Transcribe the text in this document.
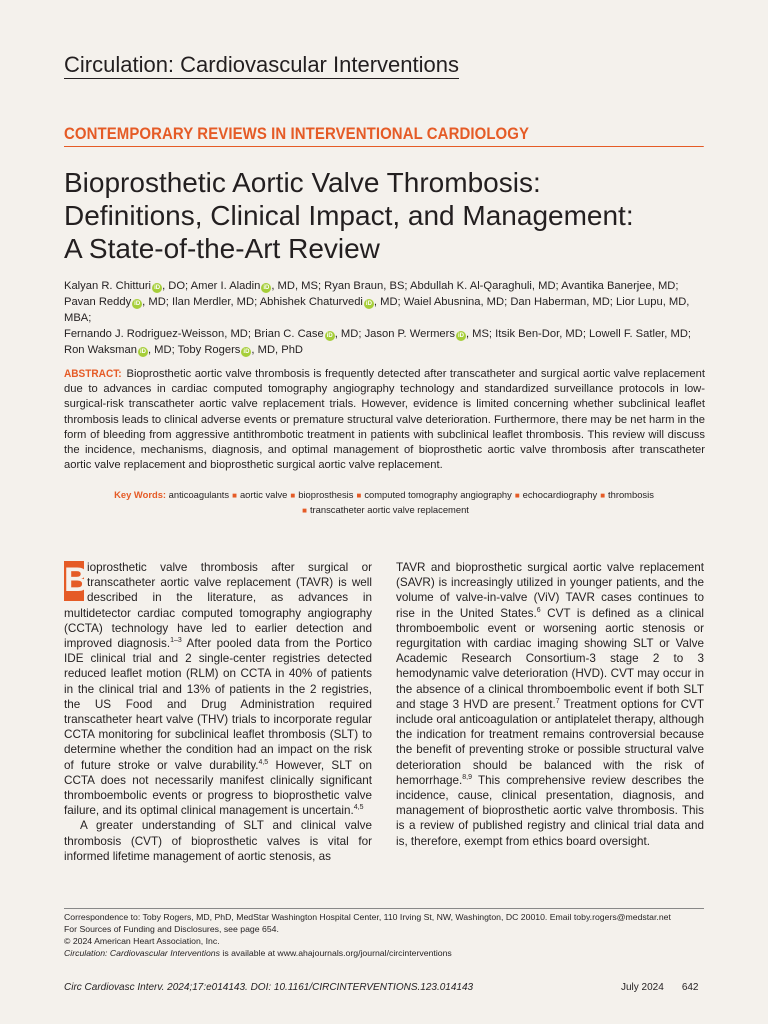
Circulation: Cardiovascular Interventions
CONTEMPORARY REVIEWS IN INTERVENTIONAL CARDIOLOGY
Bioprosthetic Aortic Valve Thrombosis:
Definitions, Clinical Impact, and Management:
A State-of-the-Art Review
Kalyan R. Chitturi iD , DO; Amer I. Aladin iD , MD, MS; Ryan Braun, BS; Abdullah K. Al-Qaraghuli, MD; Avantika Banerjee, MD;
Pavan Reddy iD , MD; Ilan Merdler, MD; Abhishek Chaturvedi iD , MD; Waiel Abusnina, MD; Dan Haberman, MD; Lior Lupu, MD, MBA;
Fernando J. Rodriguez-Weisson, MD; Brian C. Case iD , MD; Jason P. Wermers iD , MS; Itsik Ben-Dor, MD; Lowell F. Satler, MD;
Ron Waksman iD , MD; Toby Rogers iD , MD, PhD
ABSTRACT: Bioprosthetic aortic valve thrombosis is frequently detected after transcatheter and surgical aortic valve replacement due to advances in cardiac computed tomography angiography technology and standardized surveillance protocols in low-surgical-risk transcatheter aortic valve replacement trials. However, evidence is limited concerning whether subclinical leaflet thrombosis leads to clinical adverse events or premature structural valve deterioration. Furthermore, there may be net harm in the form of bleeding from aggressive antithrombotic treatment in patients with subclinical leaflet thrombosis. This review will discuss the incidence, mechanisms, diagnosis, and optimal management of bioprosthetic aortic valve thrombosis after transcatheter aortic valve replacement and bioprosthetic surgical aortic valve replacement.
Key Words: anticoagulants ■ aortic valve ■ bioprosthesis ■ computed tomography angiography ■ echocardiography ■ thrombosis
■ transcatheter aortic valve replacement

B
ioprosthetic valve thrombosis after surgical or transcatheter aortic valve replacement (TAVR) is well described in the literature, as advances in multidetector cardiac computed tomography angiography (CCTA) technology have led to earlier detection and improved diagnosis.$^{1-3}$ After pooled data from the Portico IDE clinical trial and 2 single-center registries detected reduced leaflet motion (RLM) on CCTA in 40% of patients in the clinical trial and 13% of patients in the 2 registries, the US Food and Drug Administration required transcatheter heart valve (THV) trials to incorporate regular CCTA monitoring for subclinical leaflet thrombosis (SLT) to determine whether the condition had an impact on the risk of future stroke or valve durability.$^{4,5}$ However, SLT on CCTA does not necessarily manifest clinically significant thromboembolic events or progress to bioprosthetic valve failure, and its optimal clinical management is uncertain.$^{4,5}$

A greater understanding of SLT and clinical valve thrombosis (CVT) of bioprosthetic valves is vital for informed lifetime management of aortic stenosis, as

TAVR and bioprosthetic surgical aortic valve replacement (SAVR) is increasingly utilized in younger patients, and the volume of valve-in-valve (ViV) TAVR cases continues to rise in the United States.$^6$ CVT is defined as a clinical thromboembolic event or worsening aortic stenosis or regurgitation with cardiac imaging showing SLT or Valve Academic Research Consortium-3 stage 2 to 3 hemodynamic valve deterioration (HVD). CVT may occur in the absence of a clinical thromboembolic event if both SLT and stage 3 HVD are present.$^7$ Treatment options for CVT include oral anticoagulation or antiplatelet therapy, although the indication for treatment remains controversial because the benefit of preventing stroke or possible structural valve deterioration should be balanced with the risk of hemorrhage.$^{8,9}$ This comprehensive review describes the incidence, cause, clinical presentation, diagnosis, and management of bioprosthetic aortic valve thrombosis. This is a review of published registry and clinical trial data and is, therefore, exempt from ethics board oversight.

Correspondence to: Toby Rogers, MD, PhD, MedStar Washington Hospital Center, 110 Irving St, NW, Washington, DC 20010. Email toby.rogers@medstar.net
For Sources of Funding and Disclosures, see page 654.
© 2024 American Heart Association, Inc.
Circulation: Cardiovascular Interventions is available at www.ahajournals.org/journal/circinterventions
Circ Cardiovasc Interv. 2024;17:e014143. DOI: 10.1161/CIRCINTERVENTIONS.123.014143	July 2024 642
